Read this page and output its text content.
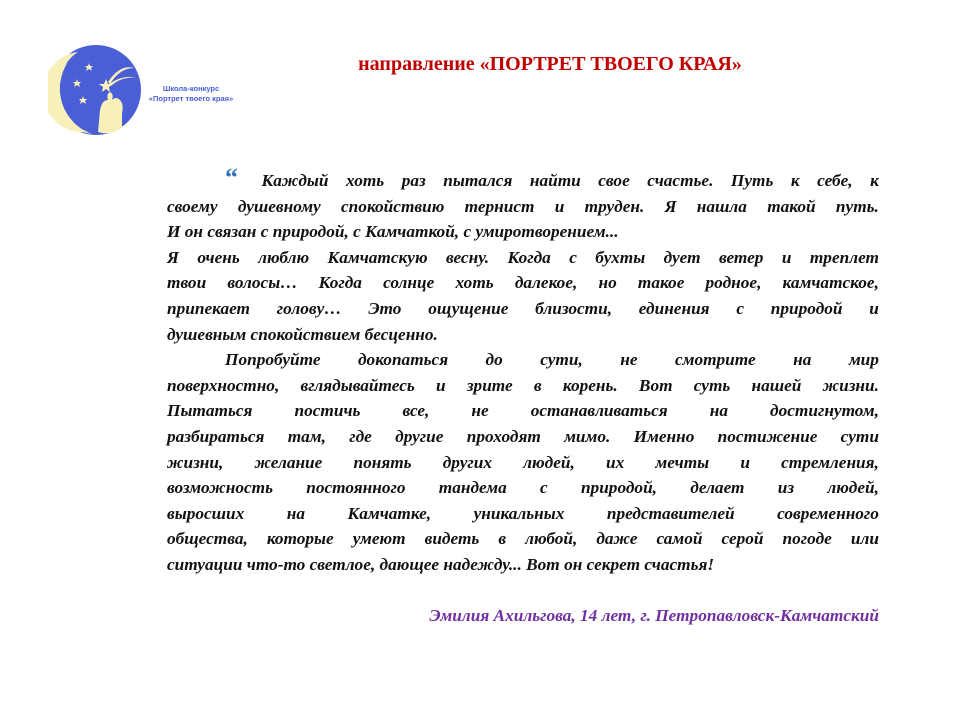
Школа-конкурс
«Портрет твоего края»
направление «ПОРТРЕТ ТВОЕГО КРАЯ»
“ Каждый хоть раз пытался найти свое счастье. Путь к себе, к
своему душевному спокойствию тернист и труден. Я нашла такой путь.
И он связан с природой, с Камчаткой, с умиротворением...
Я очень люблю Камчатскую весну. Когда с бухты дует ветер и треплет
твои волосы… Когда солнце хоть далекое, но такое родное, камчатское,
припекает голову… Это ощущение близости, единения с природой и
душевным спокойствием бесценно.
Попробуйте докопаться до сути, не смотрите на мир
поверхностно, вглядывайтесь и зрите в корень. Вот суть нашей жизни.
Пытаться постичь все, не останавливаться на достигнутом,
разбираться там, где другие проходят мимо. Именно постижение сути
жизни, желание понять других людей, их мечты и стремления,
возможность постоянного тандема с природой, делает из людей,
выросших на Камчатке, уникальных представителей современного
общества, которые умеют видеть в любой, даже самой серой погоде или
ситуации что-то светлое, дающее надежду... Вот он секрет счастья!
Эмилия Ахильгова, 14 лет, г. Петропавловск-Камчатский
